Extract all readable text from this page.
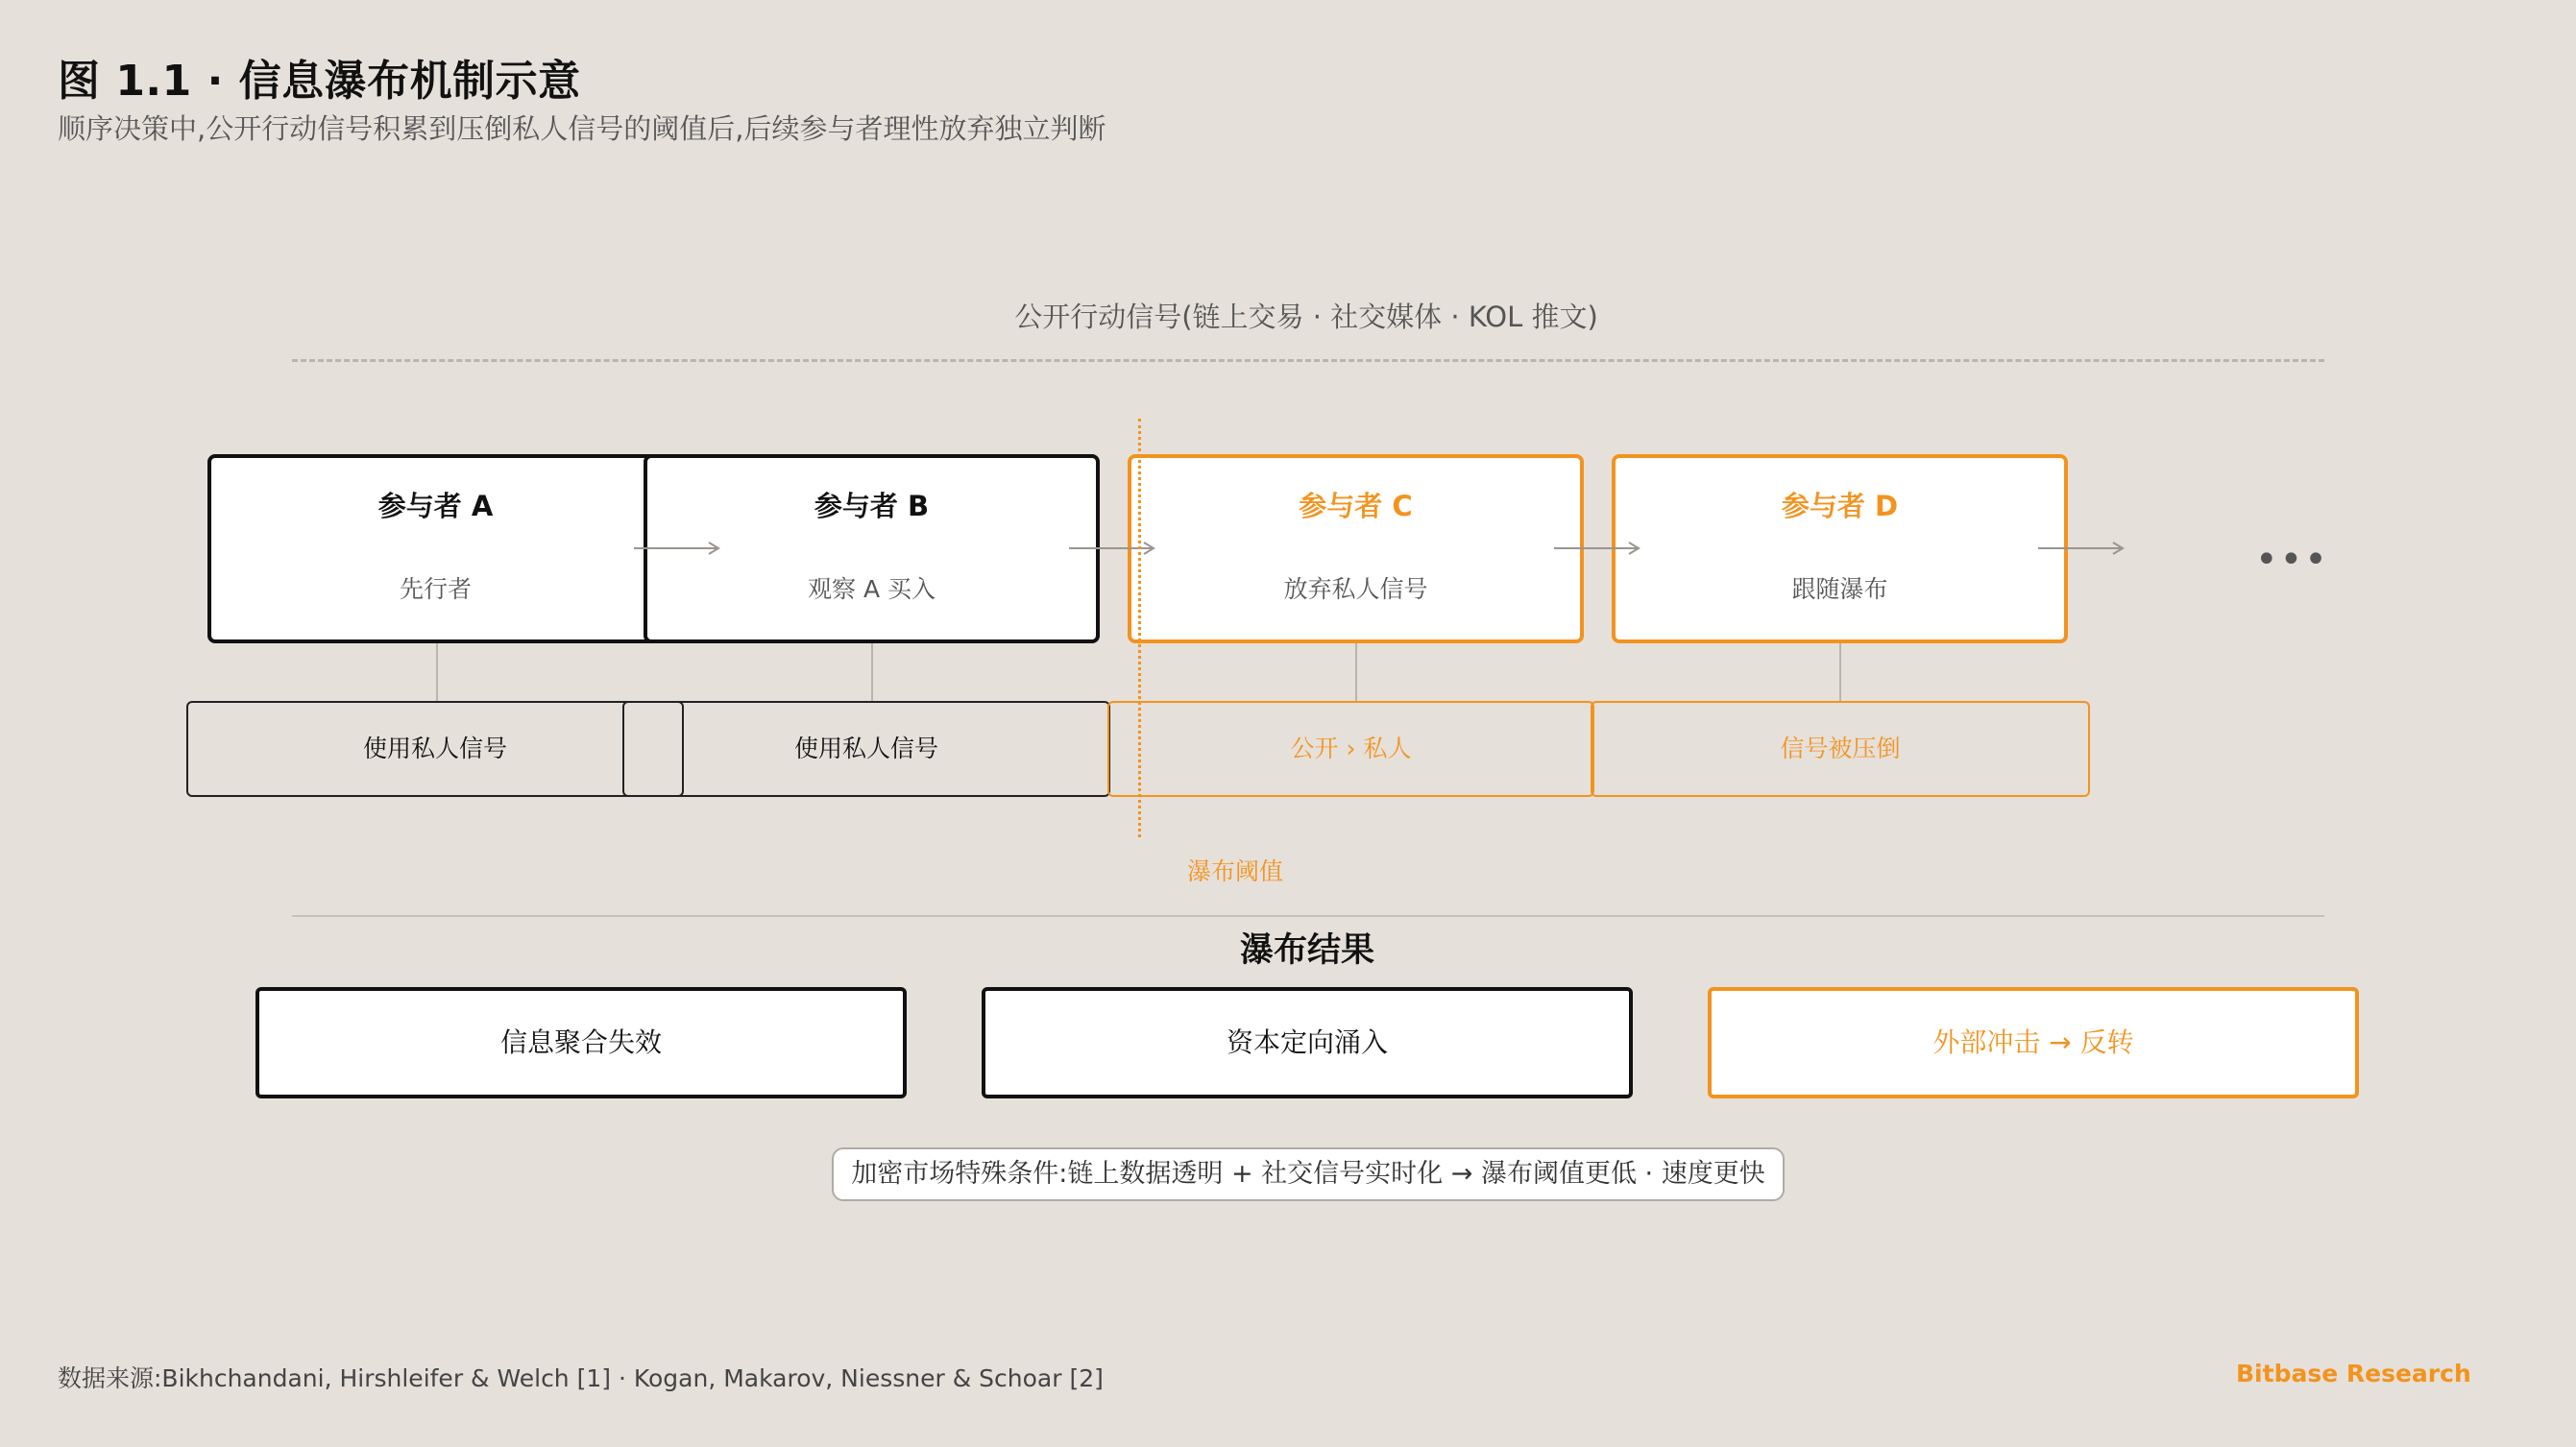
图 1.1 · 信息瀑布机制示意
顺序决策中,公开行动信号积累到压倒私人信号的阈值后,后续参与者理性放弃独立判断
公开行动信号(链上交易 · 社交媒体 · KOL 推文)
使用私人信号	使用私人信号	公开 › 私人	信号被压倒
参与者 A
先行者
参与者 B
观察 A 买入
参与者 C
放弃私人信号
参与者 D
跟随瀑布
•••
瀑布阈值
瀑布结果
信息聚合失效	资本定向涌入	外部冲击 → 反转
加密市场特殊条件:链上数据透明 + 社交信号实时化 → 瀑布阈值更低 · 速度更快
数据来源:Bikhchandani, Hirshleifer & Welch [1] · Kogan, Makarov, Niessner & Schoar [2]	Bitbase Research
